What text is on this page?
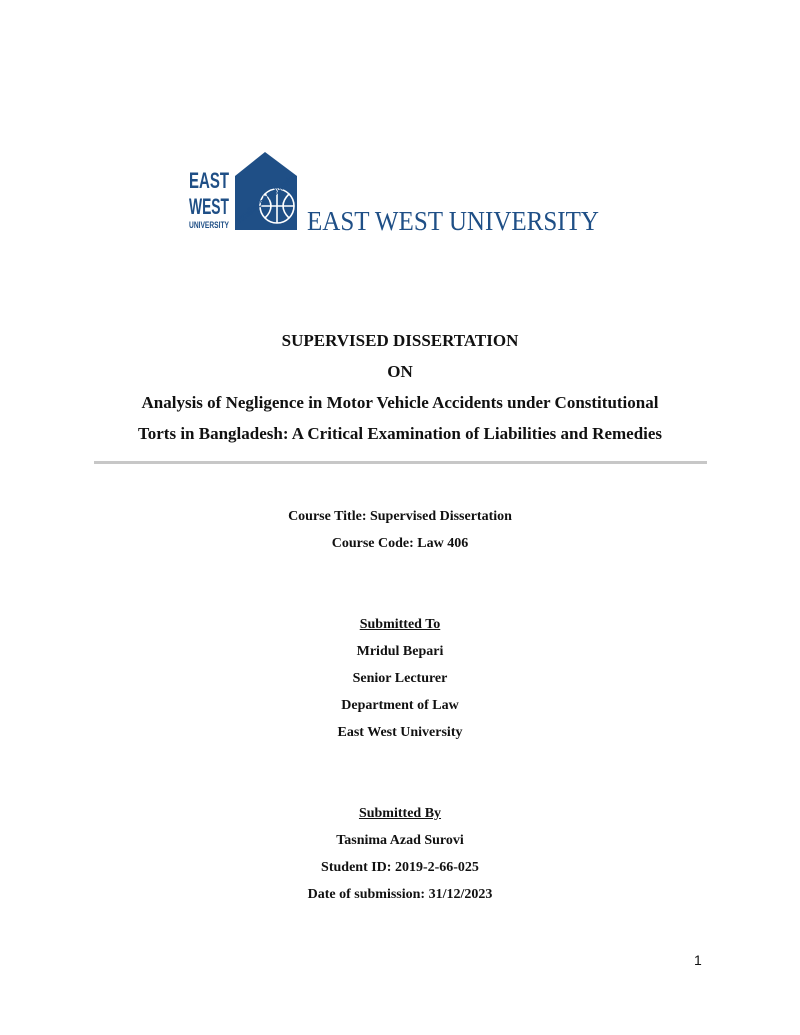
EAST
WEST
UNIVERSITY excellence in education
EAST WEST UNIVERSITY
SUPERVISED DISSERTATION
ON
Analysis of Negligence in Motor Vehicle Accidents under Constitutional
Torts in Bangladesh: A Critical Examination of Liabilities and Remedies
Course Title: Supervised Dissertation
Course Code: Law 406
Submitted To
Mridul Bepari
Senior Lecturer
Department of Law
East West University
Submitted By
Tasnima Azad Surovi
Student ID: 2019-2-66-025
Date of submission: 31/12/2023
1
